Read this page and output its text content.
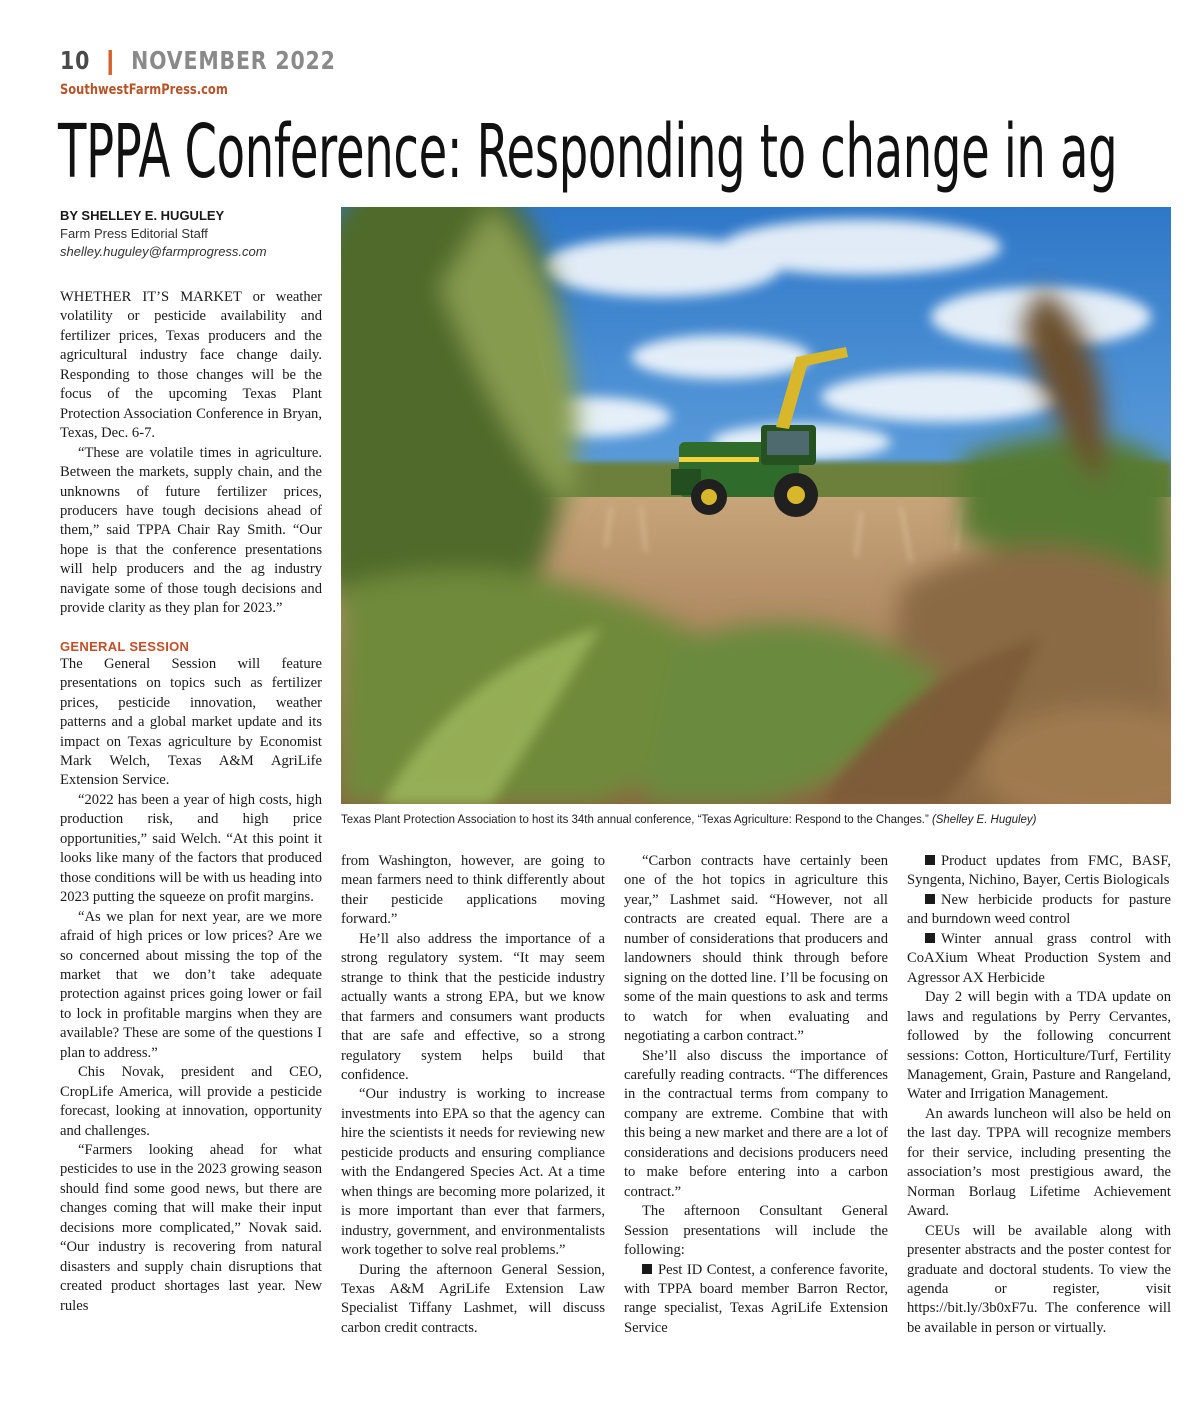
10 ❙ NOVEMBER 2022
SouthwestFarmPress.com
TPPA Conference: Responding to change in ag
BY SHELLEY E. HUGULEY
Farm Press Editorial Staff
shelley.huguley@farmprogress.com

WHETHER IT’S MARKET or weather volatility or pesticide availability and fertilizer prices, Texas producers and the agricultural industry face change daily. Responding to those changes will be the focus of the upcoming Texas Plant Protection Association Conference in Bryan, Texas, Dec. 6-7.

“These are volatile times in agriculture. Between the markets, supply chain, and the unknowns of future fertilizer prices, producers have tough decisions ahead of them,” said TPPA Chair Ray Smith. “Our hope is that the conference presentations will help producers and the ag industry navigate some of those tough decisions and provide clarity as they plan for 2023.”

GENERAL SESSION

The General Session will feature presentations on topics such as fertilizer prices, pesticide innovation, weather patterns and a global market update and its impact on Texas agriculture by Economist Mark Welch, Texas A&M AgriLife Extension Service.

“2022 has been a year of high costs, high production risk, and high price opportunities,” said Welch. “At this point it looks like many of the factors that produced those conditions will be with us heading into 2023 putting the squeeze on profit margins.

“As we plan for next year, are we more afraid of high prices or low prices? Are we so concerned about missing the top of the market that we don’t take adequate protection against prices going lower or fail to lock in profitable margins when they are available? These are some of the questions I plan to address.”

Chis Novak, president and CEO, CropLife America, will provide a pesticide forecast, looking at innovation, opportunity and challenges.

“Farmers looking ahead for what pesticides to use in the 2023 growing season should find some good news, but there are changes coming that will make their input decisions more complicated,” Novak said. “Our industry is recovering from natural disasters and supply chain disruptions that created product shortages last year. New rules

Texas Plant Protection Association to host its 34th annual conference, “Texas Agriculture: Respond to the Changes.” (Shelley E. Huguley)

from Washington, however, are going to mean farmers need to think differently about their pesticide applications moving forward.”

He’ll also address the importance of a strong regulatory system. “It may seem strange to think that the pesticide industry actually wants a strong EPA, but we know that farmers and consumers want products that are safe and effective, so a strong regulatory system helps build that confidence.

“Our industry is working to increase investments into EPA so that the agency can hire the scientists it needs for reviewing new pesticide products and ensuring compliance with the Endangered Species Act. At a time when things are becoming more polarized, it is more important than ever that farmers, industry, government, and environmentalists work together to solve real problems.”

During the afternoon General Session, Texas A&M AgriLife Extension Law Specialist Tiffany Lashmet, will discuss carbon credit contracts.

“Carbon contracts have certainly been one of the hot topics in agriculture this year,” Lashmet said. “However, not all contracts are created equal. There are a number of considerations that producers and landowners should think through before signing on the dotted line. I’ll be focusing on some of the main questions to ask and terms to watch for when evaluating and negotiating a carbon contract.”

She’ll also discuss the importance of carefully reading contracts. “The differences in the contractual terms from company to company are extreme. Combine that with this being a new market and there are a lot of considerations and decisions producers need to make before entering into a carbon contract.”

The afternoon Consultant General Session presentations will include the following:

Pest ID Contest, a conference favorite, with TPPA board member Barron Rector, range specialist, Texas AgriLife Extension Service

Product updates from FMC, BASF, Syngenta, Nichino, Bayer, Certis Biologicals

New herbicide products for pasture and burndown weed control

Winter annual grass control with CoAXium Wheat Production System and Agressor AX Herbicide

Day 2 will begin with a TDA update on laws and regulations by Perry Cervantes, followed by the following concurrent sessions: Cotton, Horticulture/Turf, Fertility Management, Grain, Pasture and Rangeland, Water and Irrigation Management.

An awards luncheon will also be held on the last day. TPPA will recognize members for their service, including presenting the association’s most prestigious award, the Norman Borlaug Lifetime Achievement Award.

CEUs will be available along with presenter abstracts and the poster contest for graduate and doctoral students. To view the agenda or register, visit https://bit.ly/3b0xF7u. The conference will be available in person or virtually.
